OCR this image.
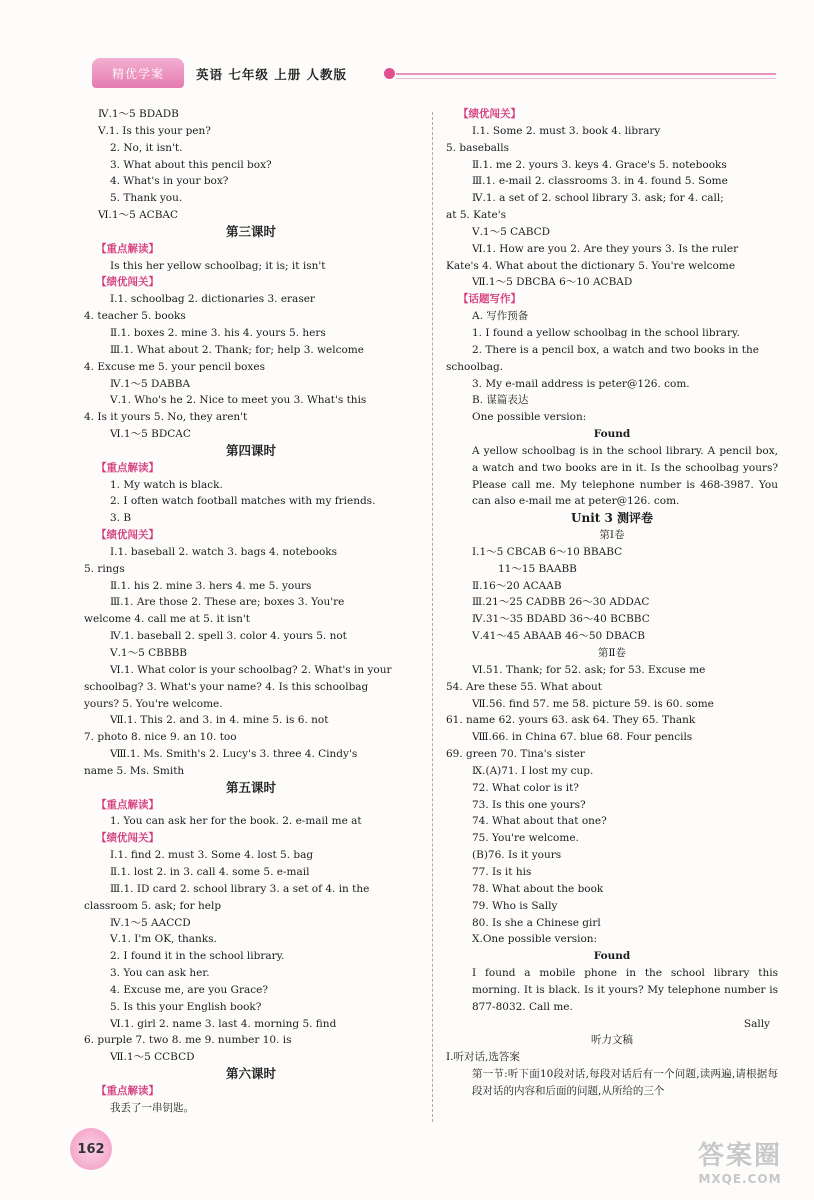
精优学案	英语 七年级 上册 人教版
Ⅳ.1～5 BDADB
Ⅴ.1. Is this your pen?
2. No, it isn't.
3. What about this pencil box?
4. What's in your box?
5. Thank you.
Ⅵ.1～5 ACBAC
第三课时
【重点解读】
Is this her yellow schoolbag; it is; it isn't
【绩优闯关】
Ⅰ.1. schoolbag 2. dictionaries 3. eraser
4. teacher 5. books
Ⅱ.1. boxes 2. mine 3. his 4. yours 5. hers
Ⅲ.1. What about 2. Thank; for; help 3. welcome
4. Excuse me 5. your pencil boxes
Ⅳ.1～5 DABBA
Ⅴ.1. Who's he 2. Nice to meet you 3. What's this
4. Is it yours 5. No, they aren't
Ⅵ.1～5 BDCAC
第四课时
【重点解读】
1. My watch is black.
2. I often watch football matches with my friends.
3. B
【绩优闯关】
Ⅰ.1. baseball 2. watch 3. bags 4. notebooks
5. rings
Ⅱ.1. his 2. mine 3. hers 4. me 5. yours
Ⅲ.1. Are those 2. These are; boxes 3. You're
welcome 4. call me at 5. it isn't
Ⅳ.1. baseball 2. spell 3. color 4. yours 5. not
Ⅴ.1～5 CBBBB
Ⅵ.1. What color is your schoolbag? 2. What's in your
schoolbag? 3. What's your name? 4. Is this schoolbag
yours? 5. You're welcome.
Ⅶ.1. This 2. and 3. in 4. mine 5. is 6. not
7. photo 8. nice 9. an 10. too
Ⅷ.1. Ms. Smith's 2. Lucy's 3. three 4. Cindy's
name 5. Ms. Smith
第五课时
【重点解读】
1. You can ask her for the book. 2. e-mail me at
【绩优闯关】
Ⅰ.1. find 2. must 3. Some 4. lost 5. bag
Ⅱ.1. lost 2. in 3. call 4. some 5. e-mail
Ⅲ.1. ID card 2. school library 3. a set of 4. in the
classroom 5. ask; for help
Ⅳ.1～5 AACCD
Ⅴ.1. I'm OK, thanks.
2. I found it in the school library.
3. You can ask her.
4. Excuse me, are you Grace?
5. Is this your English book?
Ⅵ.1. girl 2. name 3. last 4. morning 5. find
6. purple 7. two 8. me 9. number 10. is
Ⅶ.1～5 CCBCD
第六课时
【重点解读】
我丢了一串钥匙。
【绩优闯关】
Ⅰ.1. Some 2. must 3. book 4. library
5. baseballs
Ⅱ.1. me 2. yours 3. keys 4. Grace's 5. notebooks
Ⅲ.1. e-mail 2. classrooms 3. in 4. found 5. Some
Ⅳ.1. a set of 2. school library 3. ask; for 4. call;
at 5. Kate's
Ⅴ.1～5 CABCD
Ⅵ.1. How are you 2. Are they yours 3. Is the ruler
Kate's 4. What about the dictionary 5. You're welcome
Ⅶ.1～5 DBCBA 6～10 ACBAD
【话题写作】
A. 写作预备
1. I found a yellow schoolbag in the school library.
2. There is a pencil box, a watch and two books in the
schoolbag.
3. My e-mail address is peter@126. com.
B. 谋篇表达
One possible version:
Found
A yellow schoolbag is in the school library. A pencil box, a watch and two books are in it. Is the schoolbag yours? Please call me. My telephone number is 468-3987. You can also e-mail me at peter@126. com.
Unit 3 测评卷
第Ⅰ卷
Ⅰ.1～5 CBCAB 6～10 BBABC
11～15 BAABB
Ⅱ.16～20 ACAAB
Ⅲ.21～25 CADBB 26～30 ADDAC
Ⅳ.31～35 BDABD 36～40 BCBBC
Ⅴ.41～45 ABAAB 46～50 DBACB
第Ⅱ卷
Ⅵ.51. Thank; for 52. ask; for 53. Excuse me
54. Are these 55. What about
Ⅶ.56. find 57. me 58. picture 59. is 60. some
61. name 62. yours 63. ask 64. They 65. Thank
Ⅷ.66. in China 67. blue 68. Four pencils
69. green 70. Tina's sister
Ⅸ.(A)71. I lost my cup.
72. What color is it?
73. Is this one yours?
74. What about that one?
75. You're welcome.
(B)76. Is it yours
77. Is it his
78. What about the book
79. Who is Sally
80. Is she a Chinese girl
Ⅹ.One possible version:
Found
I found a mobile phone in the school library this morning. It is black. Is it yours? My telephone number is 877-8032. Call me.
Sally
听力文稿
Ⅰ.听对话,选答案
第一节:听下面10段对话,每段对话后有一个问题,读两遍,请根据每段对话的内容和后面的问题,从所给的三个
162	答案圈
MXQE.COM
